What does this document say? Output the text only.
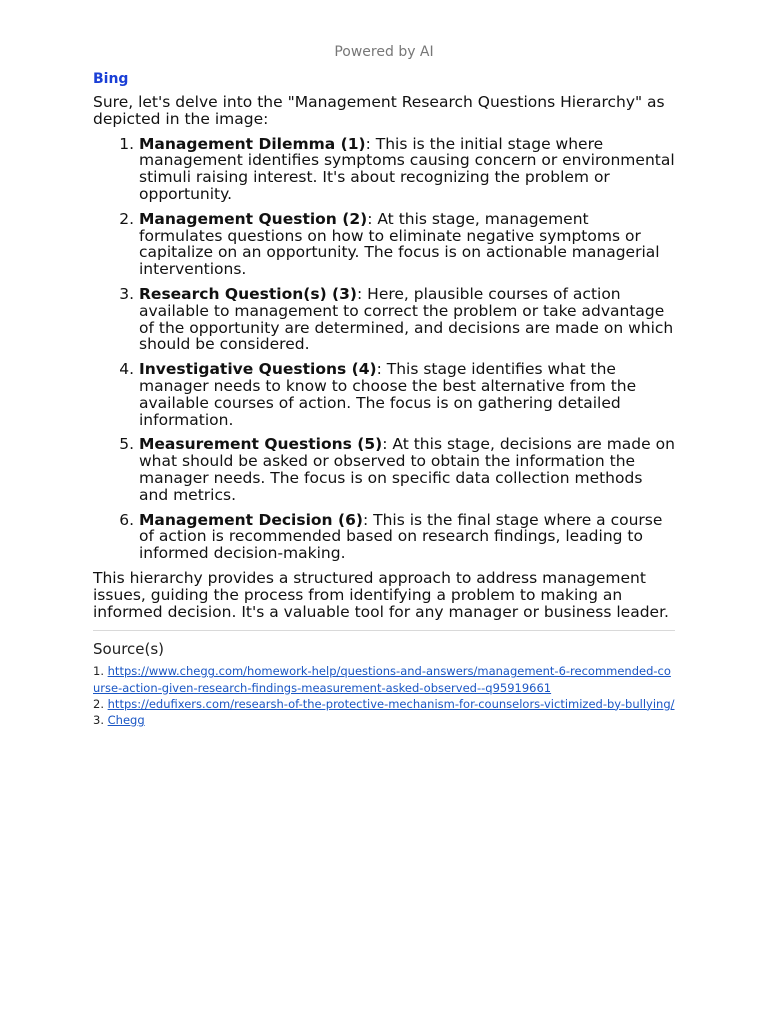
Powered by AI
Bing

Sure, let's delve into the "Management Research Questions Hierarchy" as depicted in the image:

1. Management Dilemma (1): This is the initial stage where management identifies symptoms causing concern or environmental stimuli raising interest. It's about recognizing the problem or opportunity.
2. Management Question (2): At this stage, management formulates questions on how to eliminate negative symptoms or capitalize on an opportunity. The focus is on actionable managerial interventions.
3. Research Question(s) (3): Here, plausible courses of action available to management to correct the problem or take advantage of the opportunity are determined, and decisions are made on which should be considered.
4. Investigative Questions (4): This stage identifies what the manager needs to know to choose the best alternative from the available courses of action. The focus is on gathering detailed information.
5. Measurement Questions (5): At this stage, decisions are made on what should be asked or observed to obtain the information the manager needs. The focus is on specific data collection methods and metrics.
6. Management Decision (6): This is the final stage where a course of action is recommended based on research findings, leading to informed decision-making.

This hierarchy provides a structured approach to address management issues, guiding the process from identifying a problem to making an informed decision. It's a valuable tool for any manager or business leader.

Source(s)

1. https://www.chegg.com/homework-help/questions-and-answers/management-6-recommended-course-action-given-research-findings-measurement-asked-observed--q95919661

2. https://edufixers.com/researsh-of-the-protective-mechanism-for-counselors-victimized-by-bullying/

3. Chegg
